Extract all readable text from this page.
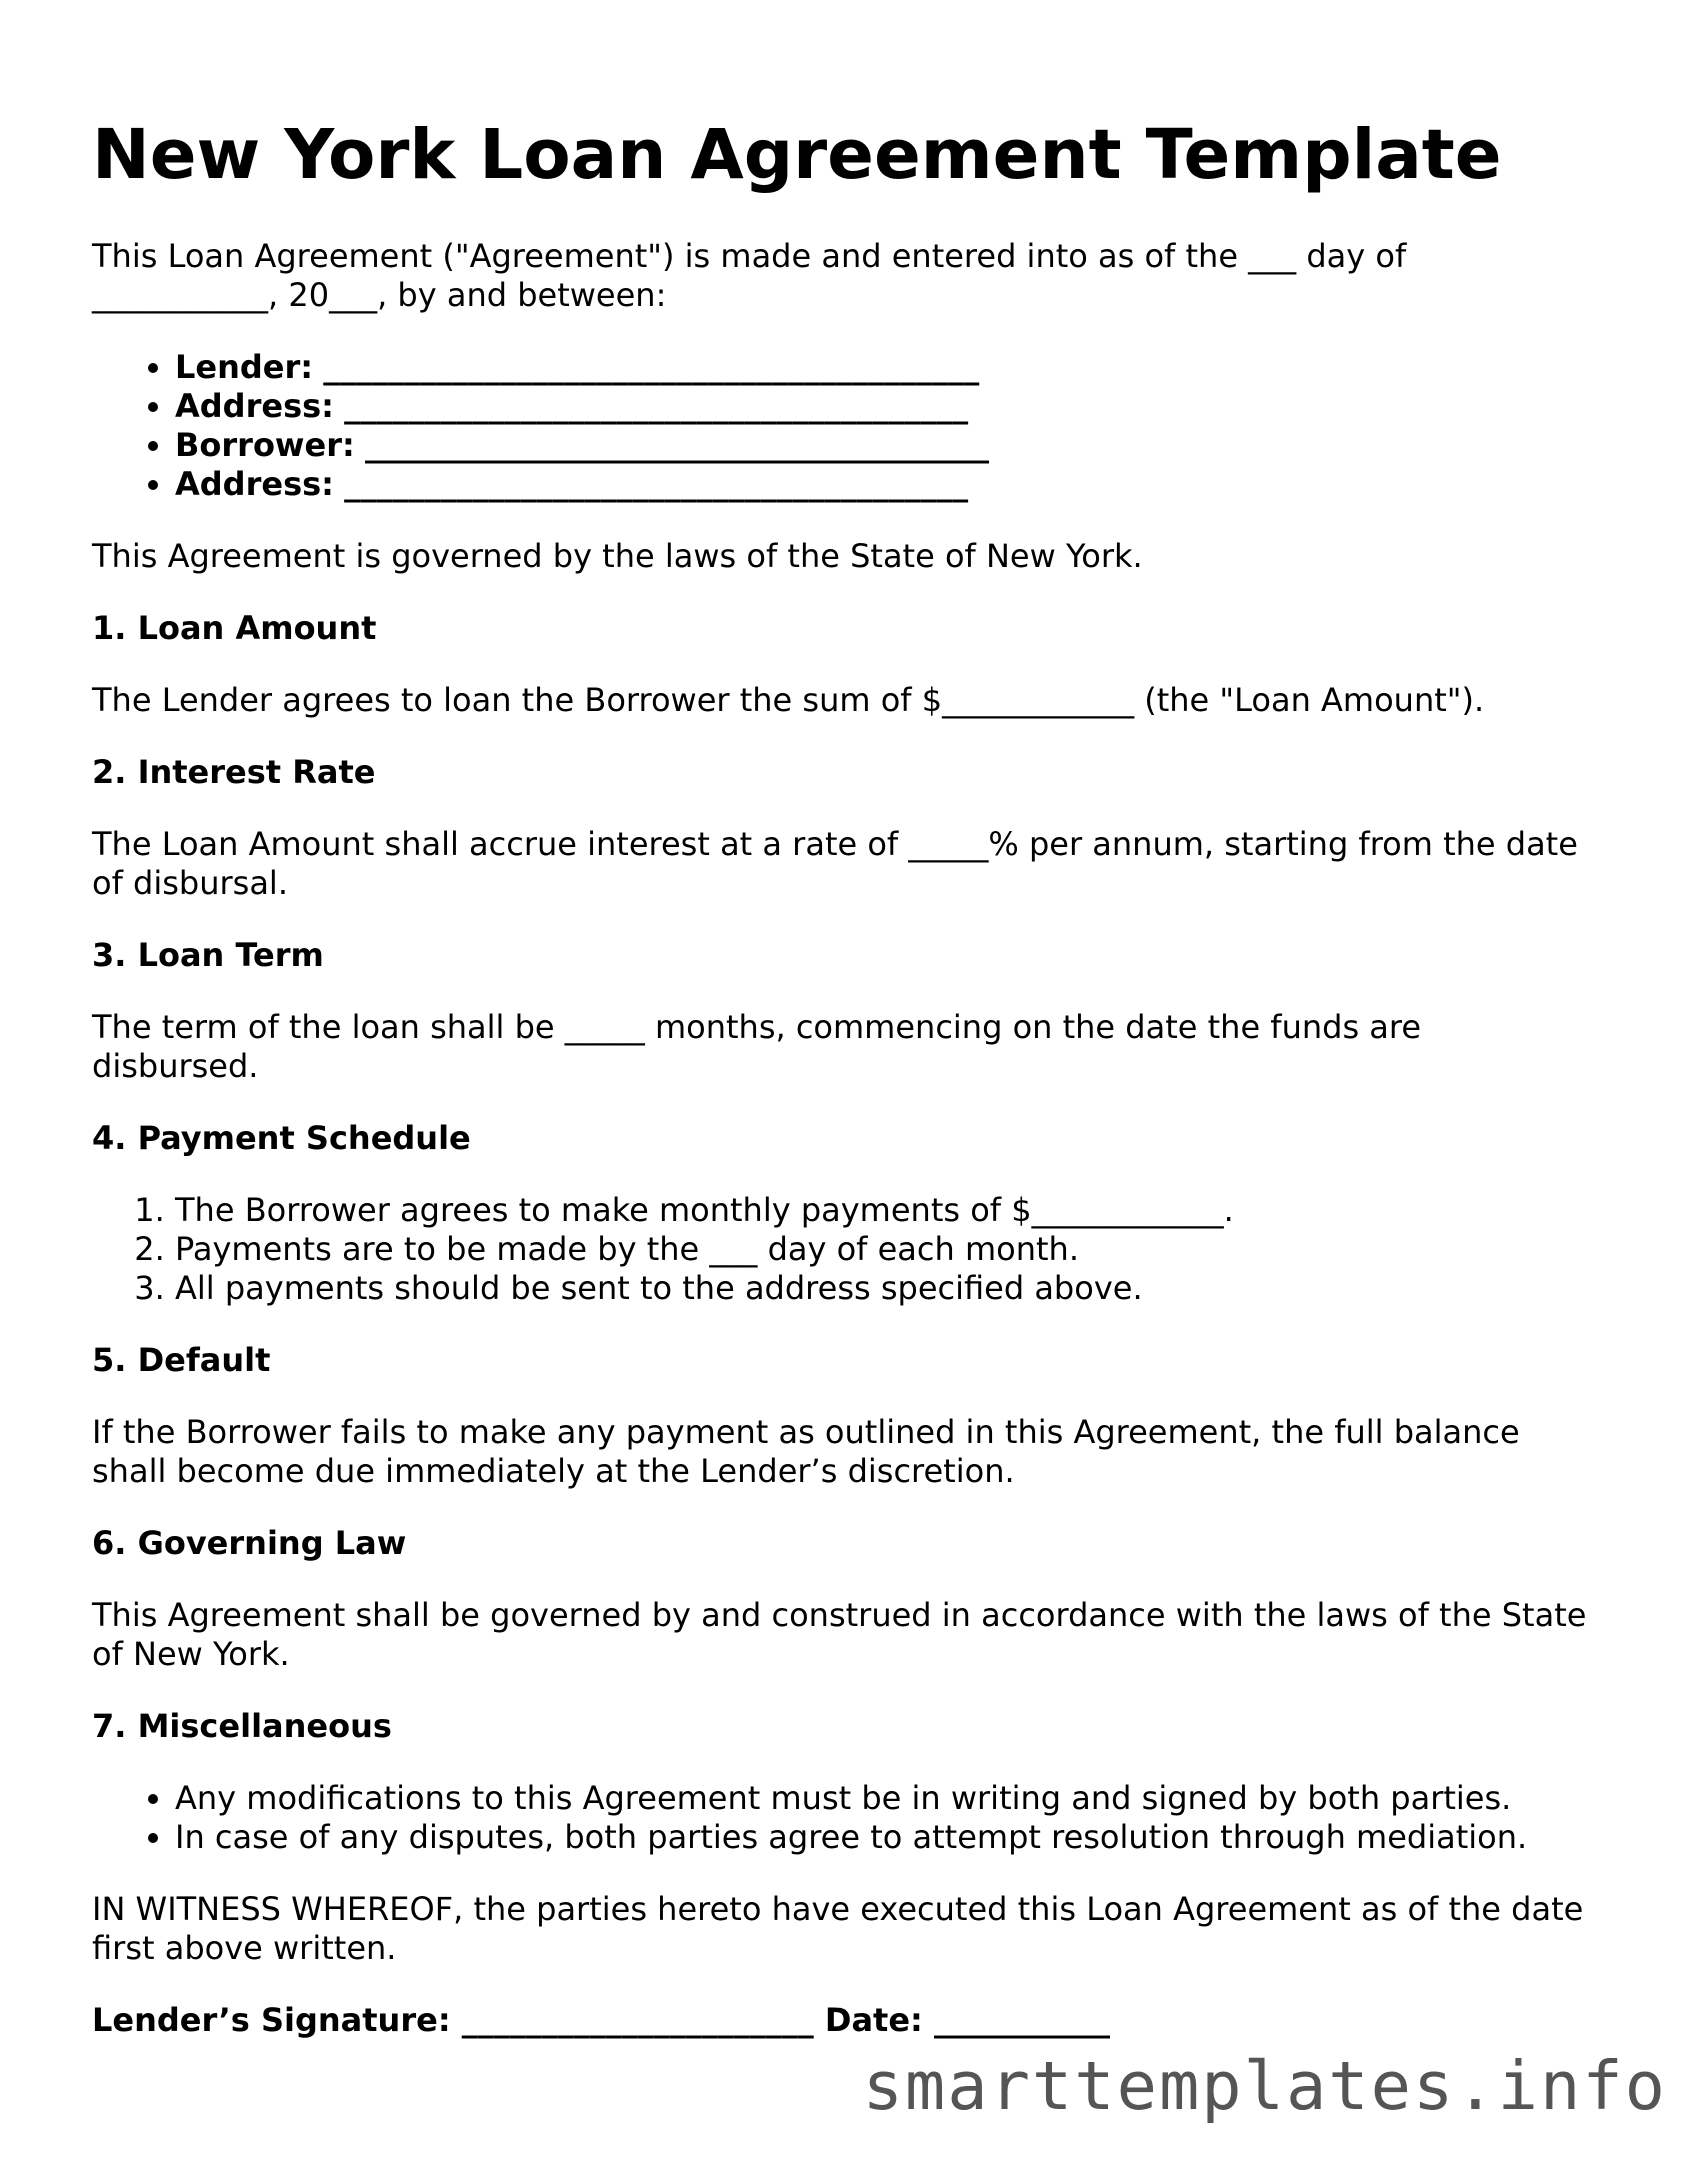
New York Loan Agreement Template

This Loan Agreement ("Agreement") is made and entered into as of the ___ day of ___________, 20___, by and between:

• Lender: _________________________________________
• Address: _______________________________________
• Borrower: _______________________________________
• Address: _______________________________________

This Agreement is governed by the laws of the State of New York.

1. Loan Amount

The Lender agrees to loan the Borrower the sum of $____________ (the "Loan Amount").

2. Interest Rate

The Loan Amount shall accrue interest at a rate of _____% per annum, starting from the date of disbursal.

3. Loan Term

The term of the loan shall be _____ months, commencing on the date the funds are disbursed.

4. Payment Schedule
1. The Borrower agrees to make monthly payments of $____________.
2. Payments are to be made by the ___ day of each month.
3. All payments should be sent to the address specified above.
5. Default

If the Borrower fails to make any payment as outlined in this Agreement, the full balance shall become due immediately at the Lender’s discretion.

6. Governing Law

This Agreement shall be governed by and construed in accordance with the laws of the State of New York.

7. Miscellaneous
• Any modifications to this Agreement must be in writing and signed by both parties.
• In case of any disputes, both parties agree to attempt resolution through mediation.

IN WITNESS WHEREOF, the parties hereto have executed this Loan Agreement as of the date first above written.

Lender’s Signature: ______________________ Date: ___________
smarttemplates.info
